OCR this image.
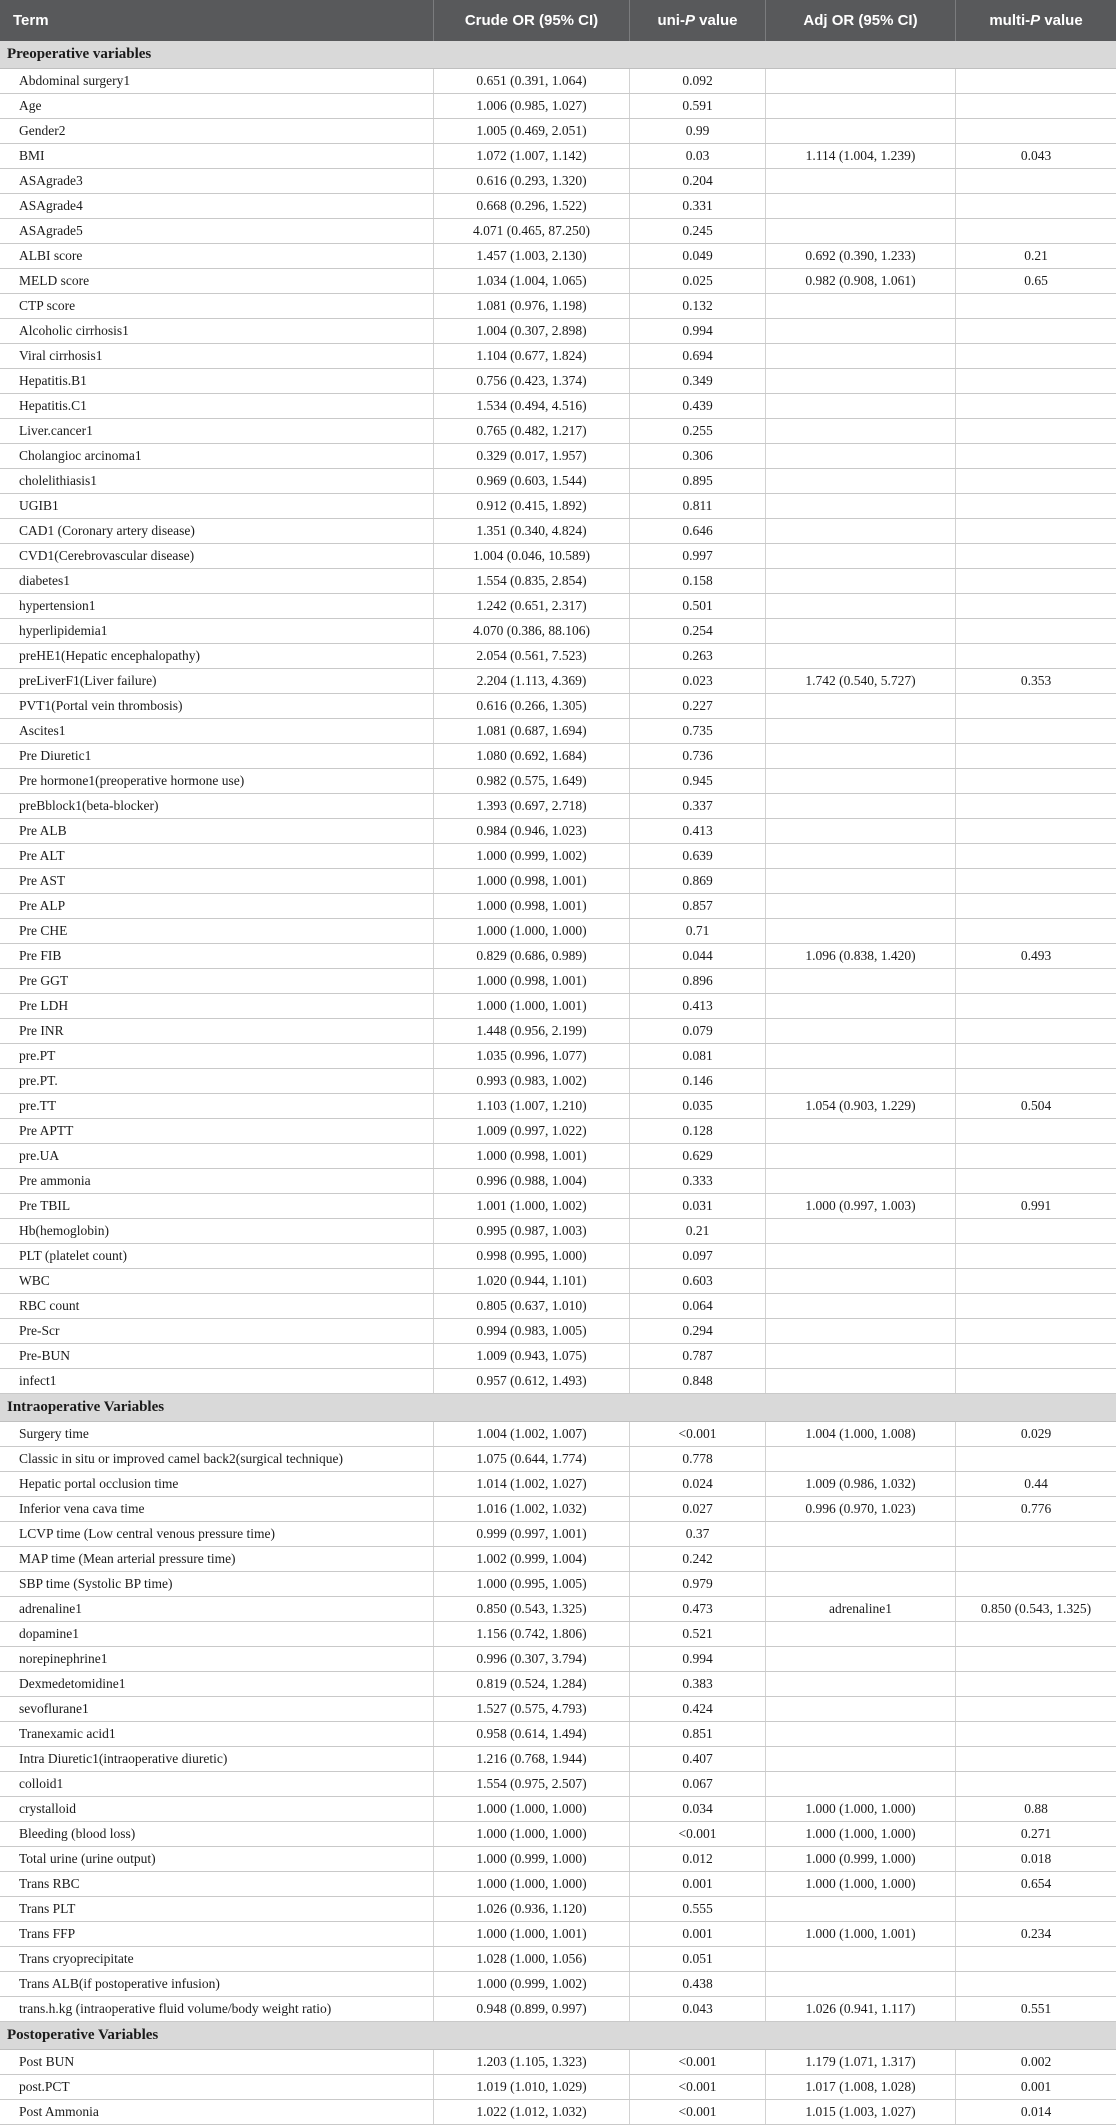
Term	Crude OR (95% CI)	uni-P value	Adj OR (95% CI)	multi-P value
Preoperative variables
Abdominal surgery1	0.651 (0.391, 1.064)	0.092
Age	1.006 (0.985, 1.027)	0.591
Gender2	1.005 (0.469, 2.051)	0.99
BMI	1.072 (1.007, 1.142)	0.03	1.114 (1.004, 1.239)	0.043
ASAgrade3	0.616 (0.293, 1.320)	0.204
ASAgrade4	0.668 (0.296, 1.522)	0.331
ASAgrade5	4.071 (0.465, 87.250)	0.245
ALBI score	1.457 (1.003, 2.130)	0.049	0.692 (0.390, 1.233)	0.21
MELD score	1.034 (1.004, 1.065)	0.025	0.982 (0.908, 1.061)	0.65
CTP score	1.081 (0.976, 1.198)	0.132
Alcoholic cirrhosis1	1.004 (0.307, 2.898)	0.994
Viral cirrhosis1	1.104 (0.677, 1.824)	0.694
Hepatitis.B1	0.756 (0.423, 1.374)	0.349
Hepatitis.C1	1.534 (0.494, 4.516)	0.439
Liver.cancer1	0.765 (0.482, 1.217)	0.255
Cholangioc arcinoma1	0.329 (0.017, 1.957)	0.306
cholelithiasis1	0.969 (0.603, 1.544)	0.895
UGIB1	0.912 (0.415, 1.892)	0.811
CAD1 (Coronary artery disease)	1.351 (0.340, 4.824)	0.646
CVD1(Cerebrovascular disease)	1.004 (0.046, 10.589)	0.997
diabetes1	1.554 (0.835, 2.854)	0.158
hypertension1	1.242 (0.651, 2.317)	0.501
hyperlipidemia1	4.070 (0.386, 88.106)	0.254
preHE1(Hepatic encephalopathy)	2.054 (0.561, 7.523)	0.263
preLiverF1(Liver failure)	2.204 (1.113, 4.369)	0.023	1.742 (0.540, 5.727)	0.353
PVT1(Portal vein thrombosis)	0.616 (0.266, 1.305)	0.227
Ascites1	1.081 (0.687, 1.694)	0.735
Pre Diuretic1	1.080 (0.692, 1.684)	0.736
Pre hormone1(preoperative hormone use)	0.982 (0.575, 1.649)	0.945
preBblock1(beta-blocker)	1.393 (0.697, 2.718)	0.337
Pre ALB	0.984 (0.946, 1.023)	0.413
Pre ALT	1.000 (0.999, 1.002)	0.639
Pre AST	1.000 (0.998, 1.001)	0.869
Pre ALP	1.000 (0.998, 1.001)	0.857
Pre CHE	1.000 (1.000, 1.000)	0.71
Pre FIB	0.829 (0.686, 0.989)	0.044	1.096 (0.838, 1.420)	0.493
Pre GGT	1.000 (0.998, 1.001)	0.896
Pre LDH	1.000 (1.000, 1.001)	0.413
Pre INR	1.448 (0.956, 2.199)	0.079
pre.PT	1.035 (0.996, 1.077)	0.081
pre.PT.	0.993 (0.983, 1.002)	0.146
pre.TT	1.103 (1.007, 1.210)	0.035	1.054 (0.903, 1.229)	0.504
Pre APTT	1.009 (0.997, 1.022)	0.128
pre.UA	1.000 (0.998, 1.001)	0.629
Pre ammonia	0.996 (0.988, 1.004)	0.333
Pre TBIL	1.001 (1.000, 1.002)	0.031	1.000 (0.997, 1.003)	0.991
Hb(hemoglobin)	0.995 (0.987, 1.003)	0.21
PLT (platelet count)	0.998 (0.995, 1.000)	0.097
WBC	1.020 (0.944, 1.101)	0.603
RBC count	0.805 (0.637, 1.010)	0.064
Pre-Scr	0.994 (0.983, 1.005)	0.294
Pre-BUN	1.009 (0.943, 1.075)	0.787
infect1	0.957 (0.612, 1.493)	0.848
Intraoperative Variables
Surgery time	1.004 (1.002, 1.007)	<0.001	1.004 (1.000, 1.008)	0.029
Classic in situ or improved camel back2(surgical technique)	1.075 (0.644, 1.774)	0.778
Hepatic portal occlusion time	1.014 (1.002, 1.027)	0.024	1.009 (0.986, 1.032)	0.44
Inferior vena cava time	1.016 (1.002, 1.032)	0.027	0.996 (0.970, 1.023)	0.776
LCVP time (Low central venous pressure time)	0.999 (0.997, 1.001)	0.37
MAP time (Mean arterial pressure time)	1.002 (0.999, 1.004)	0.242
SBP time (Systolic BP time)	1.000 (0.995, 1.005)	0.979
adrenaline1	0.850 (0.543, 1.325)	0.473	adrenaline1	0.850 (0.543, 1.325)
dopamine1	1.156 (0.742, 1.806)	0.521
norepinephrine1	0.996 (0.307, 3.794)	0.994
Dexmedetomidine1	0.819 (0.524, 1.284)	0.383
sevoflurane1	1.527 (0.575, 4.793)	0.424
Tranexamic acid1	0.958 (0.614, 1.494)	0.851
Intra Diuretic1(intraoperative diuretic)	1.216 (0.768, 1.944)	0.407
colloid1	1.554 (0.975, 2.507)	0.067
crystalloid	1.000 (1.000, 1.000)	0.034	1.000 (1.000, 1.000)	0.88
Bleeding (blood loss)	1.000 (1.000, 1.000)	<0.001	1.000 (1.000, 1.000)	0.271
Total urine (urine output)	1.000 (0.999, 1.000)	0.012	1.000 (0.999, 1.000)	0.018
Trans RBC	1.000 (1.000, 1.000)	0.001	1.000 (1.000, 1.000)	0.654
Trans PLT	1.026 (0.936, 1.120)	0.555
Trans FFP	1.000 (1.000, 1.001)	0.001	1.000 (1.000, 1.001)	0.234
Trans cryoprecipitate	1.028 (1.000, 1.056)	0.051
Trans ALB(if postoperative infusion)	1.000 (0.999, 1.002)	0.438
trans.h.kg (intraoperative fluid volume/body weight ratio)	0.948 (0.899, 0.997)	0.043	1.026 (0.941, 1.117)	0.551
Postoperative Variables
Post BUN	1.203 (1.105, 1.323)	<0.001	1.179 (1.071, 1.317)	0.002
post.PCT	1.019 (1.010, 1.029)	<0.001	1.017 (1.008, 1.028)	0.001
Post Ammonia	1.022 (1.012, 1.032)	<0.001	1.015 (1.003, 1.027)	0.014
